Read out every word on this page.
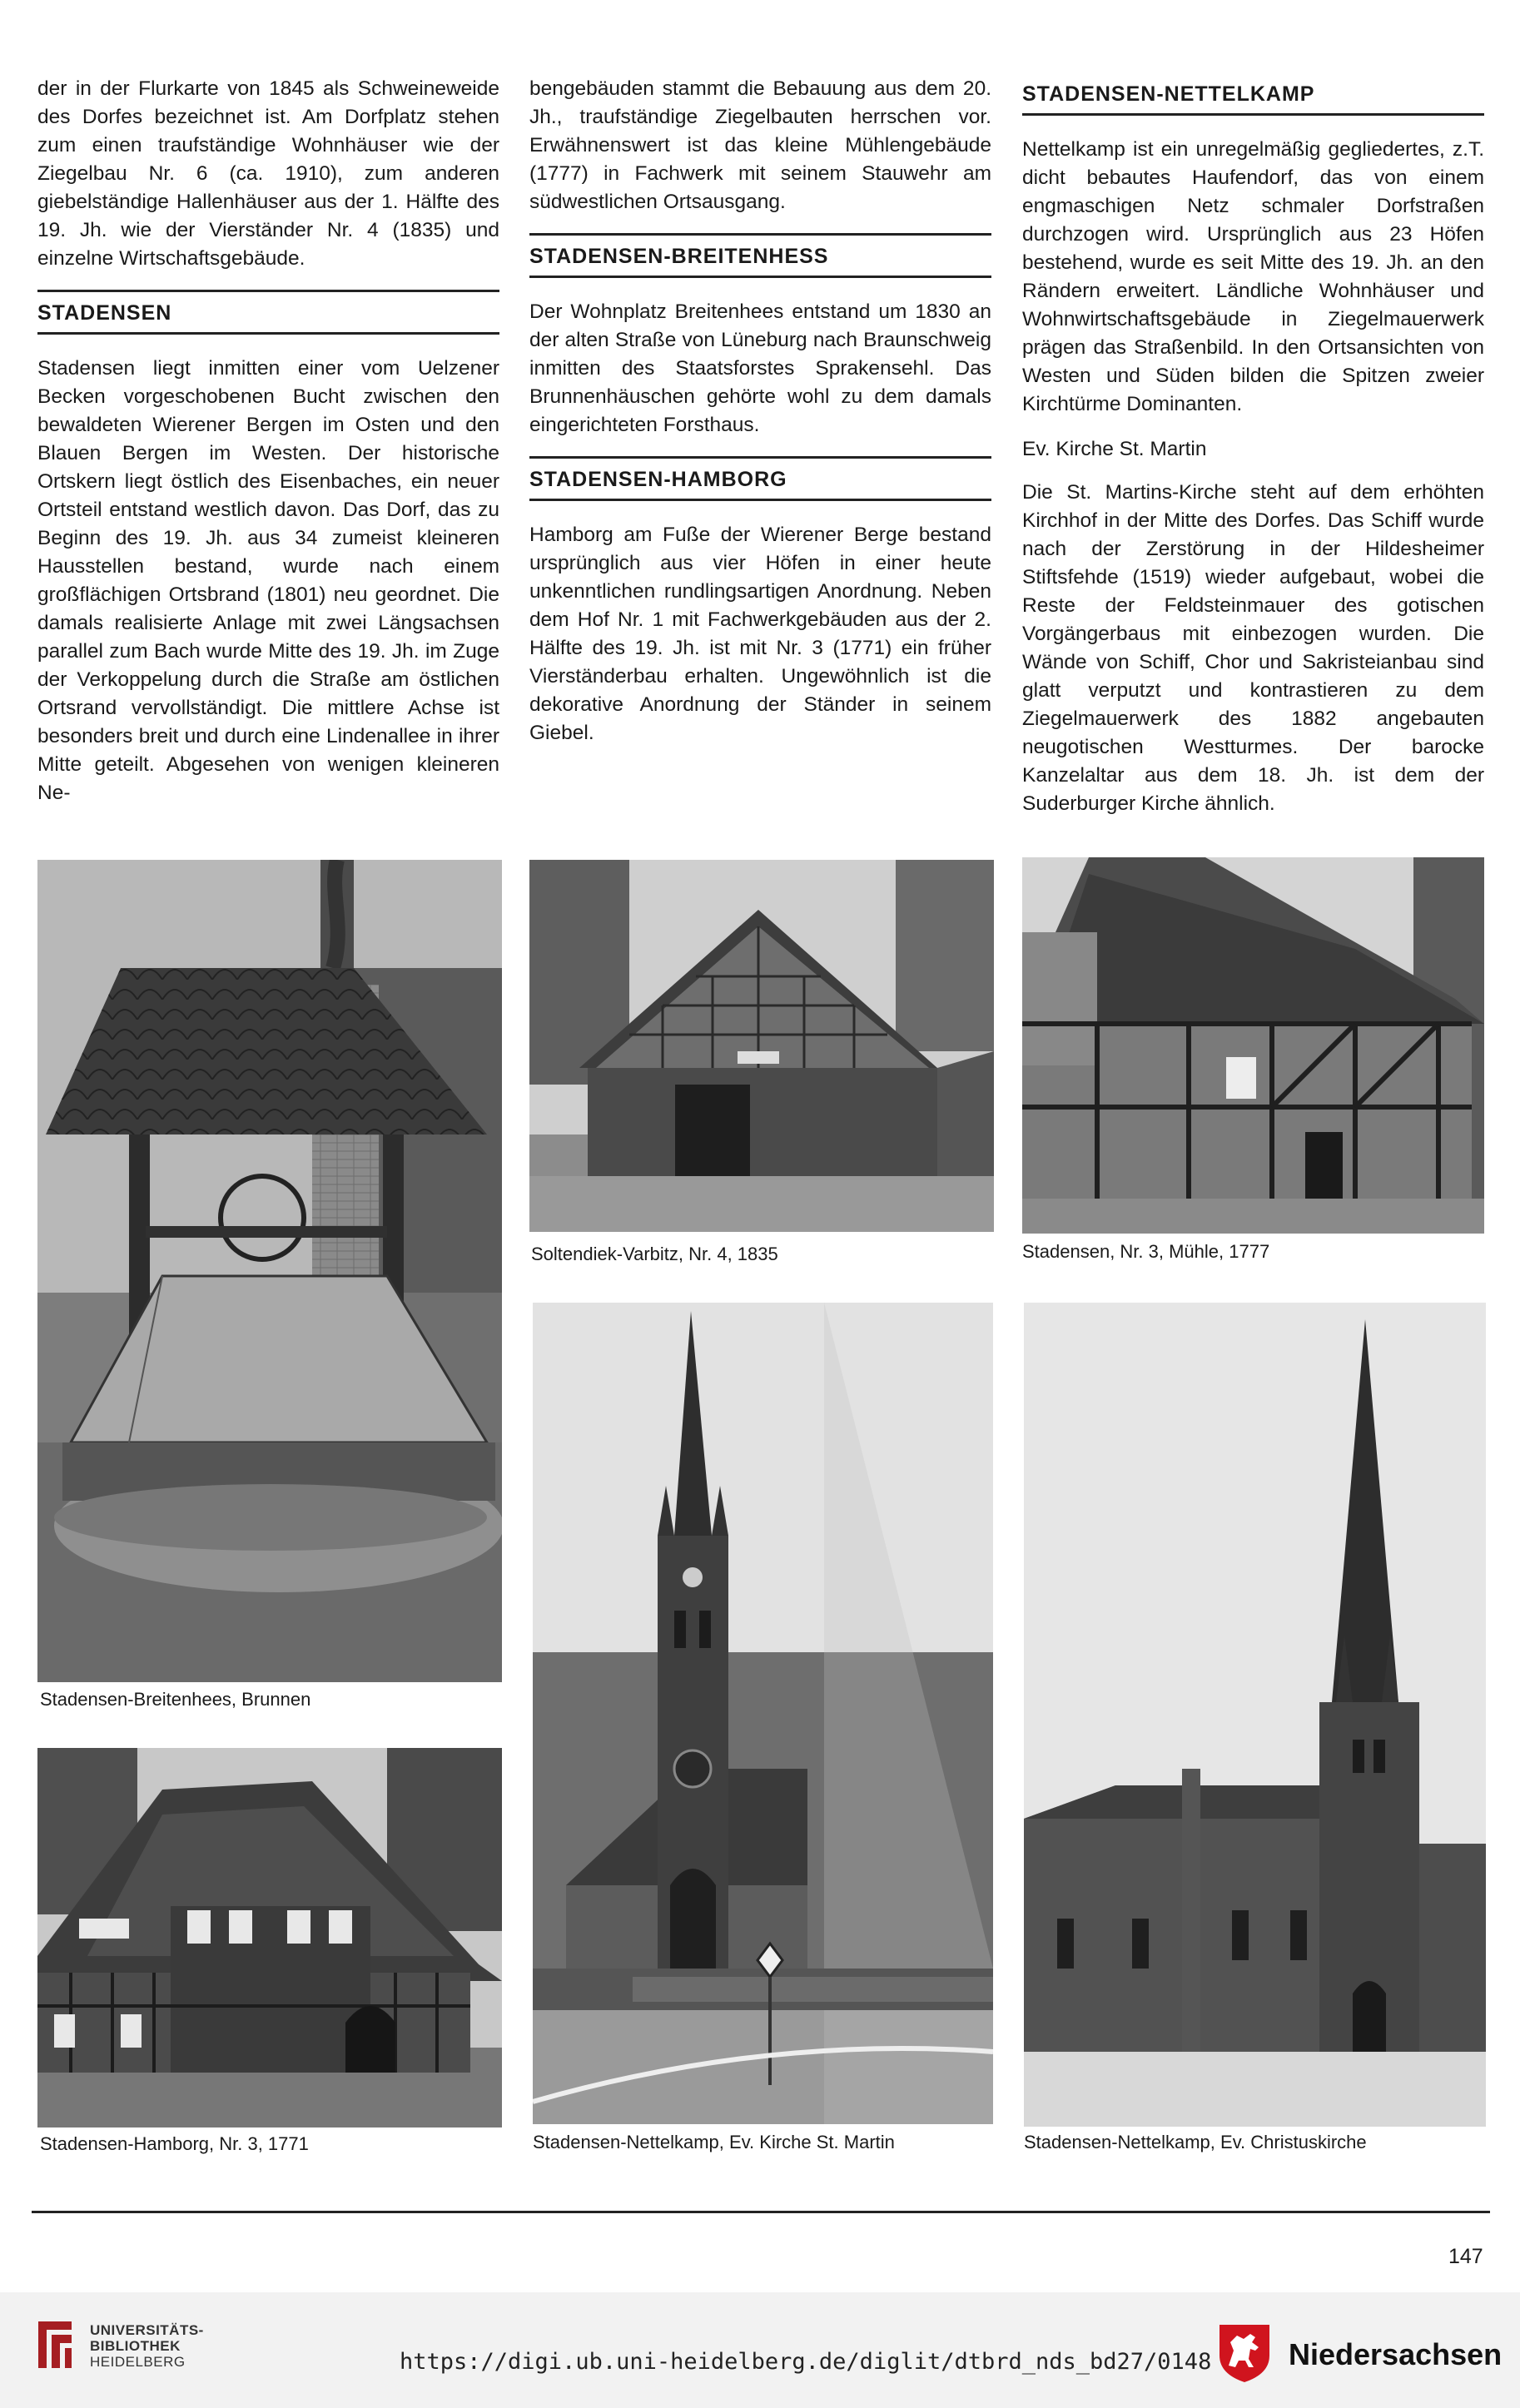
der in der Flurkarte von 1845 als Schweineweide des Dorfes bezeichnet ist. Am Dorfplatz stehen zum einen traufständige Wohnhäuser wie der Ziegelbau Nr. 6 (ca. 1910), zum anderen giebelständige Hallenhäuser aus der 1. Hälfte des 19. Jh. wie der Vierständer Nr. 4 (1835) und einzelne Wirtschaftsgebäude.

STADENSEN

Stadensen liegt inmitten einer vom Uelzener Becken vorgeschobenen Bucht zwischen den bewaldeten Wierener Bergen im Osten und den Blauen Bergen im Westen. Der historische Ortskern liegt östlich des Eisenbaches, ein neuer Ortsteil entstand westlich davon. Das Dorf, das zu Beginn des 19. Jh. aus 34 zumeist kleineren Hausstellen bestand, wurde nach einem großflächigen Ortsbrand (1801) neu geordnet. Die damals realisierte Anlage mit zwei Längsachsen parallel zum Bach wurde Mitte des 19. Jh. im Zuge der Verkoppelung durch die Straße am östlichen Ortsrand vervollständigt. Die mittlere Achse ist besonders breit und durch eine Lindenallee in ihrer Mitte geteilt. Abgesehen von wenigen kleineren Ne-

bengebäuden stammt die Bebauung aus dem 20. Jh., traufständige Ziegelbauten herrschen vor. Erwähnenswert ist das kleine Mühlengebäude (1777) in Fachwerk mit seinem Stauwehr am südwestlichen Ortsausgang.

STADENSEN-BREITENHESS

Der Wohnplatz Breitenhees entstand um 1830 an der alten Straße von Lüneburg nach Braunschweig inmitten des Staatsforstes Sprakensehl. Das Brunnenhäuschen gehörte wohl zu dem damals eingerichteten Forsthaus.

STADENSEN-HAMBORG

Hamborg am Fuße der Wierener Berge bestand ursprünglich aus vier Höfen in einer heute unkenntlichen rundlingsartigen Anordnung. Neben dem Hof Nr. 1 mit Fachwerkgebäuden aus der 2. Hälfte des 19. Jh. ist mit Nr. 3 (1771) ein früher Vierständerbau erhalten. Ungewöhnlich ist die dekorative Anordnung der Ständer in seinem Giebel.

STADENSEN-NETTELKAMP

Nettelkamp ist ein unregelmäßig gegliedertes, z.T. dicht bebautes Haufendorf, das von einem engmaschigen Netz schmaler Dorfstraßen durchzogen wird. Ursprünglich aus 23 Höfen bestehend, wurde es seit Mitte des 19. Jh. an den Rändern erweitert. Ländliche Wohnhäuser und Wohnwirtschaftsgebäude in Ziegelmauerwerk prägen das Straßenbild. In den Ortsansichten von Westen und Süden bilden die Spitzen zweier Kirchtürme Dominanten.

Ev. Kirche St. Martin

Die St. Martins-Kirche steht auf dem erhöhten Kirchhof in der Mitte des Dorfes. Das Schiff wurde nach der Zerstörung in der Hildesheimer Stiftsfehde (1519) wieder aufgebaut, wobei die Reste der Feldsteinmauer des gotischen Vorgängerbaus mit einbezogen wurden. Die Wände von Schiff, Chor und Sakristeianbau sind glatt verputzt und kontrastieren zu dem Ziegelmauerwerk des 1882 angebauten neugotischen Westturmes. Der barocke Kanzelaltar aus dem 18. Jh. ist dem der Suderburger Kirche ähnlich.

Stadensen-Breitenhees, Brunnen
Soltendiek-Varbitz, Nr. 4, 1835	Stadensen, Nr. 3, Mühle, 1777
Stadensen-Nettelkamp, Ev. Kirche St. Martin
Stadensen-Hamborg, Nr. 3, 1771	Stadensen-Nettelkamp, Ev. Christuskirche
147
UNIVERSITÄTS-
BIBLIOTHEK
HEIDELBERG	https://digi.ub.uni-heidelberg.de/diglit/dtbrd_nds_bd27/0148	Niedersachsen
